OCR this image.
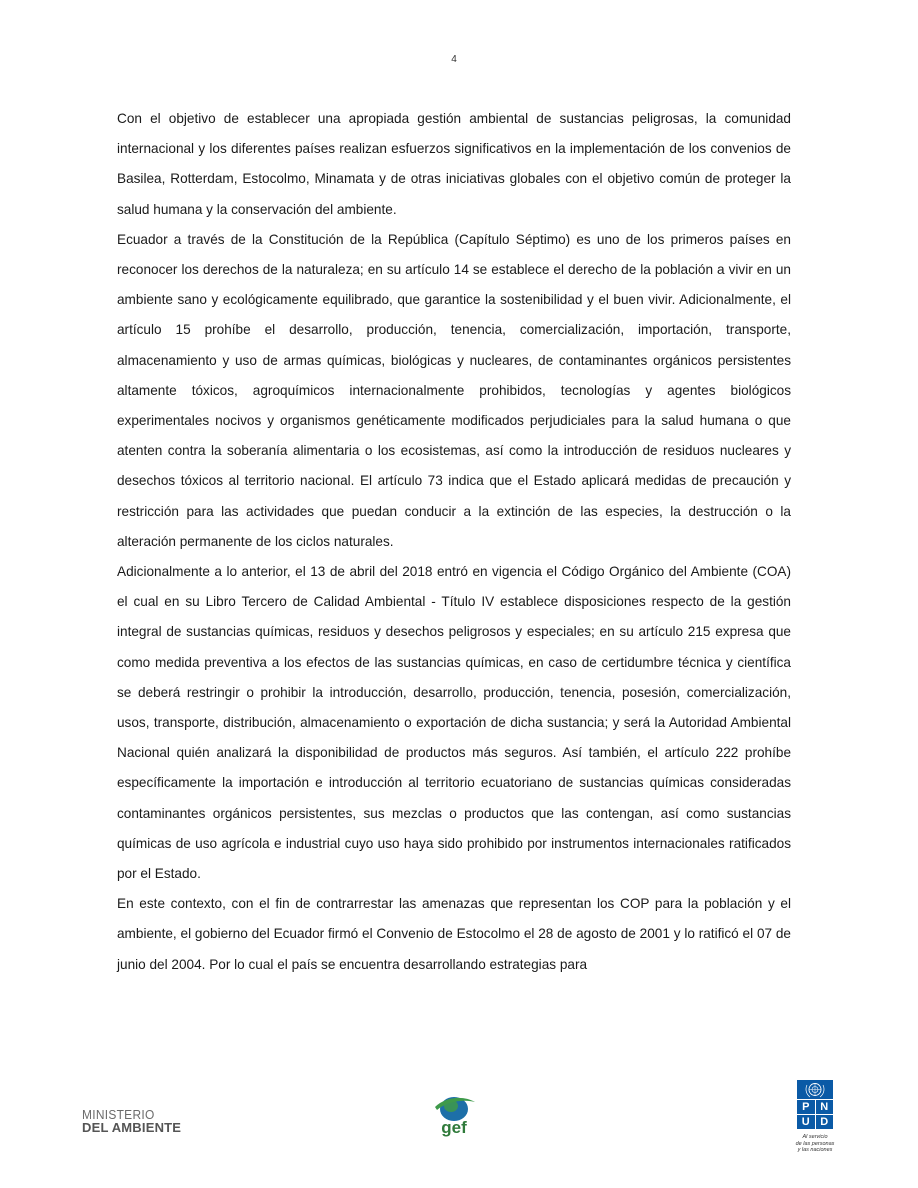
4

Con el objetivo de establecer una apropiada gestión ambiental de sustancias peligrosas, la comunidad internacional y los diferentes países realizan esfuerzos significativos en la implementación de los convenios de Basilea, Rotterdam, Estocolmo, Minamata y de otras iniciativas globales con el objetivo común de proteger la salud humana y la conservación del ambiente.

Ecuador a través de la Constitución de la República (Capítulo Séptimo) es uno de los primeros países en reconocer los derechos de la naturaleza; en su artículo 14 se establece el derecho de la población a vivir en un ambiente sano y ecológicamente equilibrado, que garantice la sostenibilidad y el buen vivir. Adicionalmente, el artículo 15 prohíbe el desarrollo, producción, tenencia, comercialización, importación, transporte, almacenamiento y uso de armas químicas, biológicas y nucleares, de contaminantes orgánicos persistentes altamente tóxicos, agroquímicos internacionalmente prohibidos, tecnologías y agentes biológicos experimentales nocivos y organismos genéticamente modificados perjudiciales para la salud humana o que atenten contra la soberanía alimentaria o los ecosistemas, así como la introducción de residuos nucleares y desechos tóxicos al territorio nacional. El artículo 73 indica que el Estado aplicará medidas de precaución y restricción para las actividades que puedan conducir a la extinción de las especies, la destrucción o la alteración permanente de los ciclos naturales.

Adicionalmente a lo anterior, el 13 de abril del 2018 entró en vigencia el Código Orgánico del Ambiente (COA) el cual en su Libro Tercero de Calidad Ambiental - Título IV establece disposiciones respecto de la gestión integral de sustancias químicas, residuos y desechos peligrosos y especiales; en su artículo 215 expresa que como medida preventiva a los efectos de las sustancias químicas, en caso de certidumbre técnica y científica se deberá restringir o prohibir la introducción, desarrollo, producción, tenencia, posesión, comercialización, usos, transporte, distribución, almacenamiento o exportación de dicha sustancia; y será la Autoridad Ambiental Nacional quién analizará la disponibilidad de productos más seguros. Así también, el artículo 222 prohíbe específicamente la importación e introducción al territorio ecuatoriano de sustancias químicas consideradas contaminantes orgánicos persistentes, sus mezclas o productos que las contengan, así como sustancias químicas de uso agrícola e industrial cuyo uso haya sido prohibido por instrumentos internacionales ratificados por el Estado.

En este contexto, con el fin de contrarrestar las amenazas que representan los COP para la población y el ambiente, el gobierno del Ecuador firmó el Convenio de Estocolmo el 28 de agosto de 2001 y lo ratificó el 07 de junio del 2004. Por lo cual el país se encuentra desarrollando estrategias para

MINISTERIO
DEL AMBIENTE	gef
P N
U D
Al servicio
de las personas
y las naciones
